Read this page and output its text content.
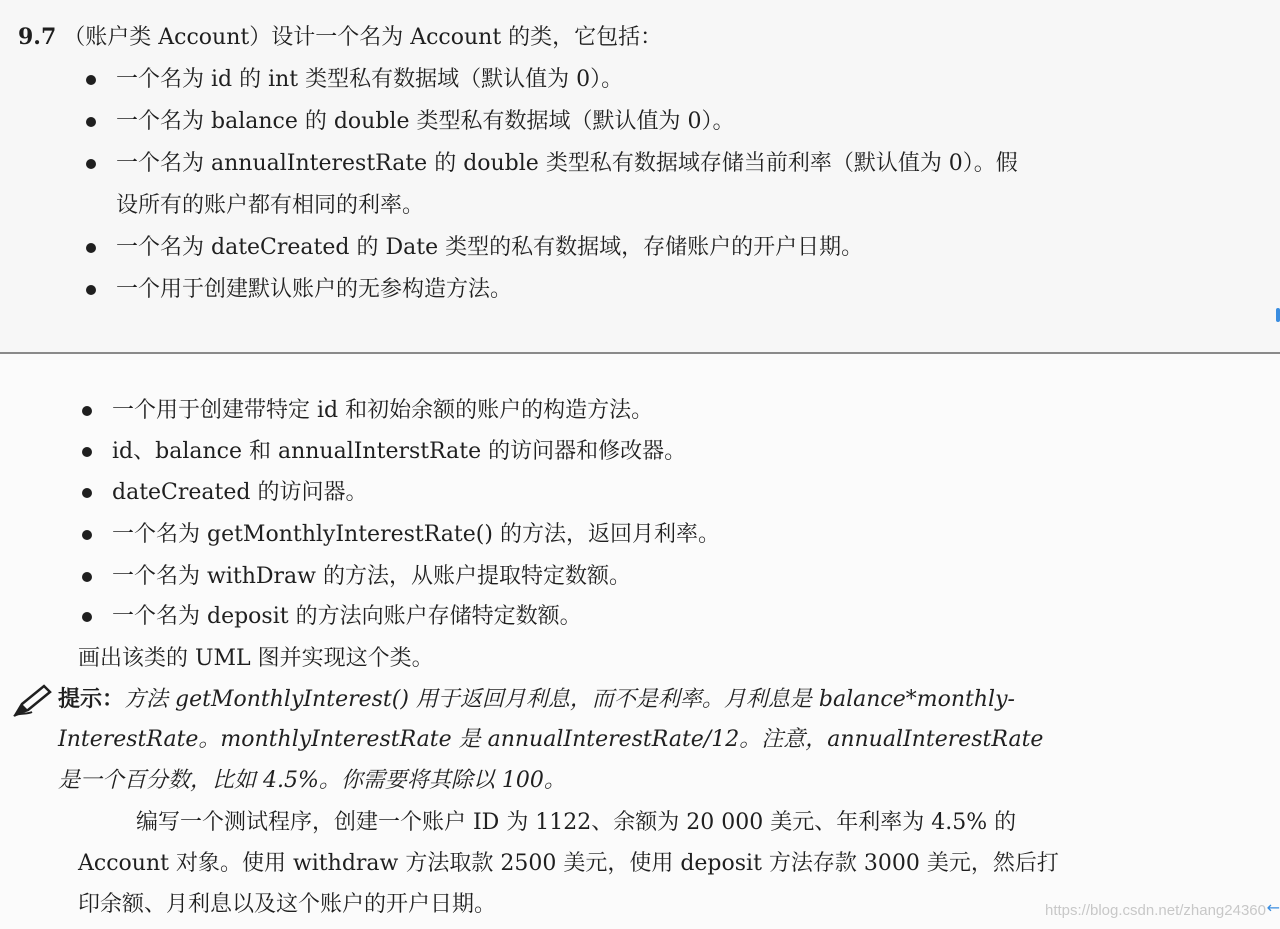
9.7 （账户类 Account）设计一个名为 Account 的类，它包括：
一个名为 id 的 int 类型私有数据域（默认值为 0）。
一个名为 balance 的 double 类型私有数据域（默认值为 0）。
一个名为 annualInterestRate 的 double 类型私有数据域存储当前利率（默认值为 0）。假
设所有的账户都有相同的利率。
一个名为 dateCreated 的 Date 类型的私有数据域，存储账户的开户日期。
一个用于创建默认账户的无参构造方法。
一个用于创建带特定 id 和初始余额的账户的构造方法。
id、balance 和 annualInterstRate 的访问器和修改器。
dateCreated 的访问器。
一个名为 getMonthlyInterestRate() 的方法，返回月利率。
一个名为 withDraw 的方法，从账户提取特定数额。
一个名为 deposit 的方法向账户存储特定数额。
画出该类的 UML 图并实现这个类。
提示：方法 getMonthlyInterest() 用于返回月利息，而不是利率。月利息是 balance*monthly-
InterestRate。monthlyInterestRate 是 annualInterestRate/12。注意，annualInterestRate
是一个百分数，比如 4.5%。你需要将其除以 100。
编写一个测试程序，创建一个账户 ID 为 1122、余额为 20 000 美元、年利率为 4.5% 的
Account 对象。使用 withdraw 方法取款 2500 美元，使用 deposit 方法存款 3000 美元，然后打
印余额、月利息以及这个账户的开户日期。	https://blog.csdn.net/zhang24360 ←
